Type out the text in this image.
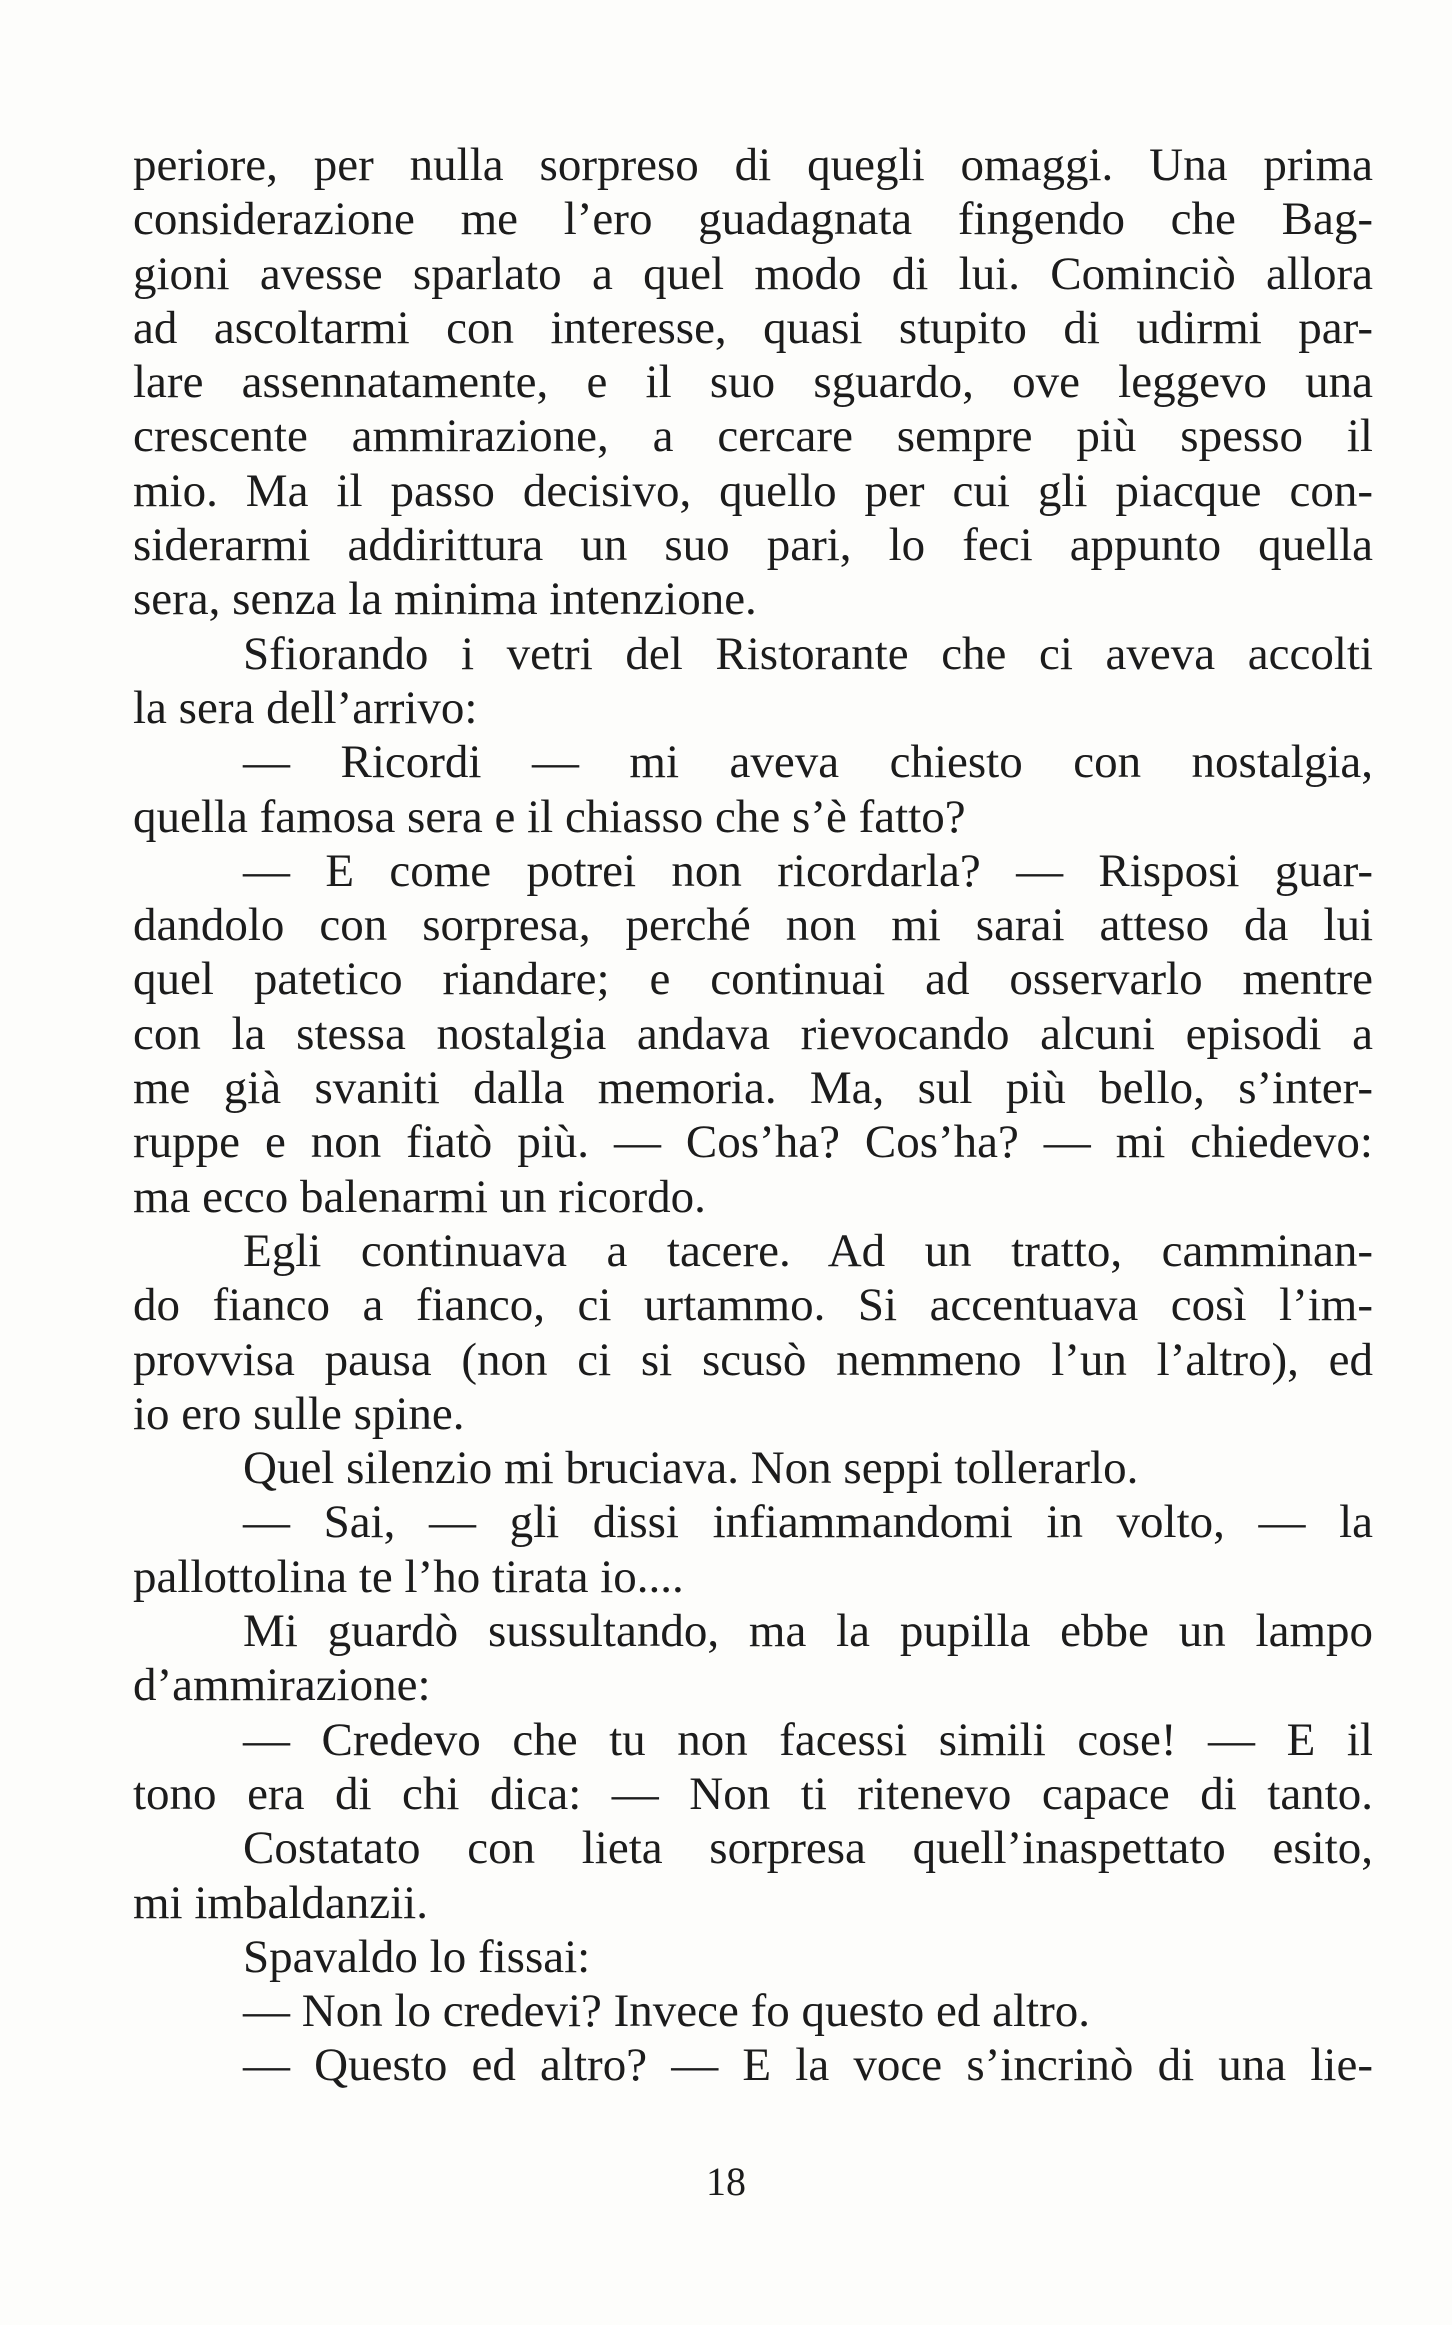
periore, per nulla sorpreso di quegli omaggi. Una prima
considerazione me l’ero guadagnata fingendo che Bag-
gioni avesse sparlato a quel modo di lui. Cominciò allora
ad ascoltarmi con interesse, quasi stupito di udirmi par-
lare assennatamente, e il suo sguardo, ove leggevo una
crescente ammirazione, a cercare sempre più spesso il
mio. Ma il passo decisivo, quello per cui gli piacque con-
siderarmi addirittura un suo pari, lo feci appunto quella
sera, senza la minima intenzione.
Sfiorando i vetri del Ristorante che ci aveva accolti
la sera dell’arrivo:
— Ricordi — mi aveva chiesto con nostalgia,
quella famosa sera e il chiasso che s’è fatto?
— E come potrei non ricordarla? — Risposi guar-
dandolo con sorpresa, perché non mi sarai atteso da lui
quel patetico riandare; e continuai ad osservarlo mentre
con la stessa nostalgia andava rievocando alcuni episodi a
me già svaniti dalla memoria. Ma, sul più bello, s’inter-
ruppe e non fiatò più. — Cos’ha? Cos’ha? — mi chiedevo:
ma ecco balenarmi un ricordo.
Egli continuava a tacere. Ad un tratto, camminan-
do fianco a fianco, ci urtammo. Si accentuava così l’im-
provvisa pausa (non ci si scusò nemmeno l’un l’altro), ed
io ero sulle spine.
Quel silenzio mi bruciava. Non seppi tollerarlo.
— Sai, — gli dissi infiammandomi in volto, — la
pallottolina te l’ho tirata io....
Mi guardò sussultando, ma la pupilla ebbe un lampo
d’ammirazione:
— Credevo che tu non facessi simili cose! — E il
tono era di chi dica: — Non ti ritenevo capace di tanto.
Costatato con lieta sorpresa quell’inaspettato esito,
mi imbaldanzii.
Spavaldo lo fissai:
— Non lo credevi? Invece fo questo ed altro.
— Questo ed altro? — E la voce s’incrinò di una lie-
18
